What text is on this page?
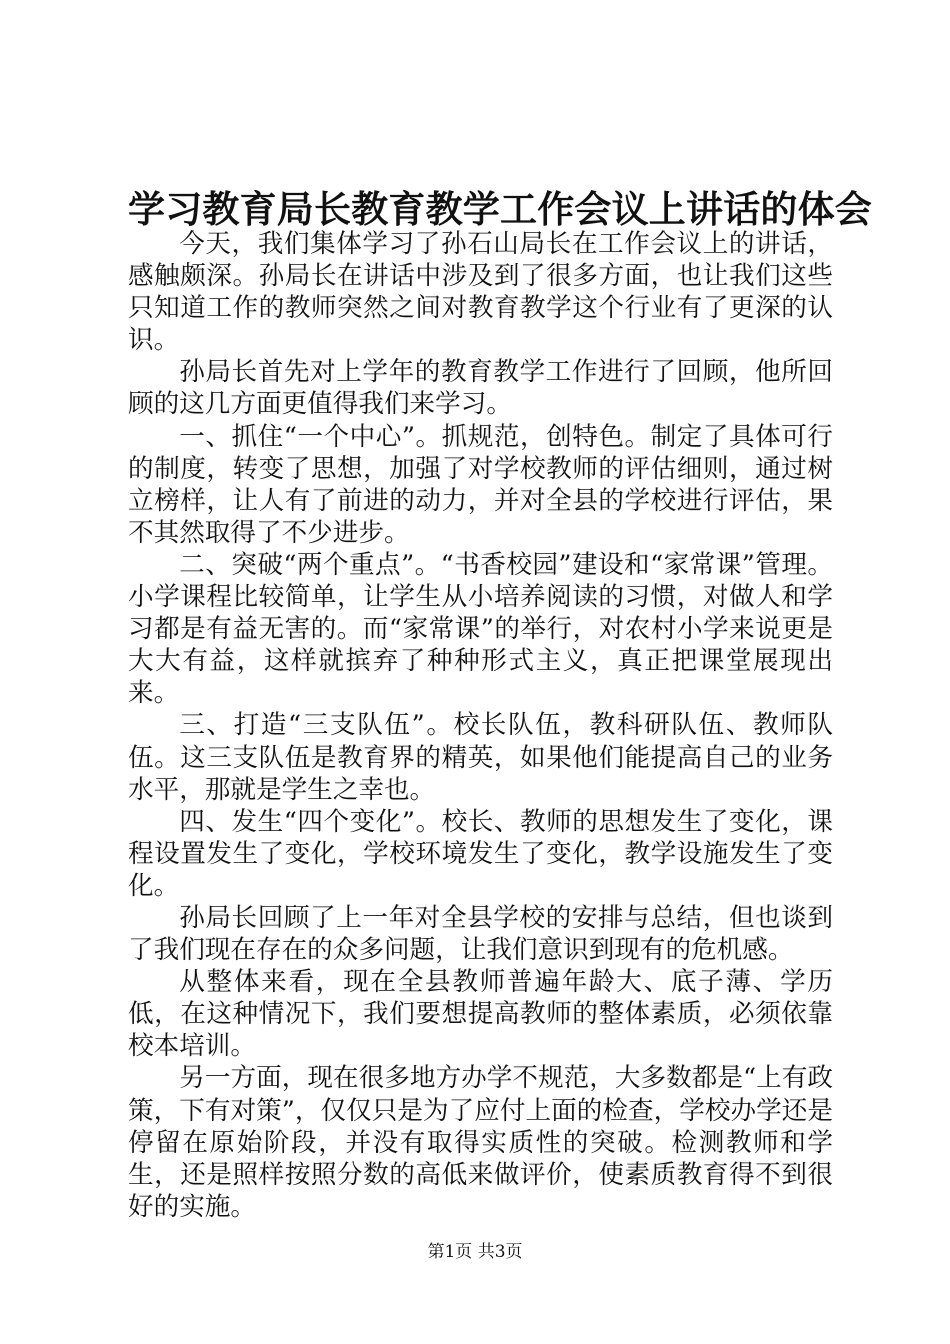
学习教育局长教育教学工作会议上讲话的体会

今天，我们集体学习了孙石山局长在工作会议上的讲话，感触颇深。孙局长在讲话中涉及到了很多方面，也让我们这些只知道工作的教师突然之间对教育教学这个行业有了更深的认识。

孙局长首先对上学年的教育教学工作进行了回顾，他所回顾的这几方面更值得我们来学习。

一、抓住“一个中心”。抓规范，创特色。制定了具体可行的制度，转变了思想，加强了对学校教师的评估细则，通过树立榜样，让人有了前进的动力，并对全县的学校进行评估，果不其然取得了不少进步。

二、突破“两个重点”。“书香校园”建设和“家常课”管理。小学课程比较简单，让学生从小培养阅读的习惯，对做人和学习都是有益无害的。而“家常课”的举行，对农村小学来说更是大大有益，这样就摈弃了种种形式主义，真正把课堂展现出来。

三、打造“三支队伍”。校长队伍，教科研队伍、教师队伍。这三支队伍是教育界的精英，如果他们能提高自己的业务水平，那就是学生之幸也。

四、发生“四个变化”。校长、教师的思想发生了变化，课程设置发生了变化，学校环境发生了变化，教学设施发生了变化。

孙局长回顾了上一年对全县学校的安排与总结，但也谈到了我们现在存在的众多问题，让我们意识到现有的危机感。

从整体来看，现在全县教师普遍年龄大、底子薄、学历低，在这种情况下，我们要想提高教师的整体素质，必须依靠校本培训。

另一方面，现在很多地方办学不规范，大多数都是“上有政策，下有对策”，仅仅只是为了应付上面的检查，学校办学还是停留在原始阶段，并没有取得实质性的突破。检测教师和学生，还是照样按照分数的高低来做评价，使素质教育得不到很好的实施。

第1页 共3页
